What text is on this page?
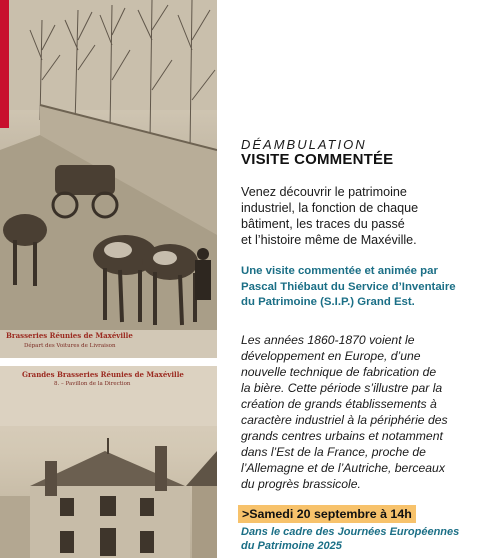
Brasseries Réunies de Maxéville
Départ des Voitures de Livraison
Grandes Brasseries Réunies de Maxéville
8. – Pavillon de la Direction
DÉAMBULATION
VISITE COMMENTÉE
Venez découvrir le patrimoine
industriel, la fonction de chaque
bâtiment, les traces du passé
et l’histoire même de Maxéville.
Une visite commentée et animée par
Pascal Thiébaut du Service d’Inventaire
du Patrimoine (S.I.P.) Grand Est.
Les années 1860-1870 voient le
développement en Europe, d’une
nouvelle technique de fabrication de
la bière. Cette période s’illustre par la
création de grands établissements à
caractère industriel à la périphérie des
grands centres urbains et notamment
dans l’Est de la France, proche de
l’Allemagne et de l’Autriche, berceaux
du progrès brassicole.
>Samedi 20 septembre à 14h
Dans le cadre des Journées Européennes
du Patrimoine 2025
